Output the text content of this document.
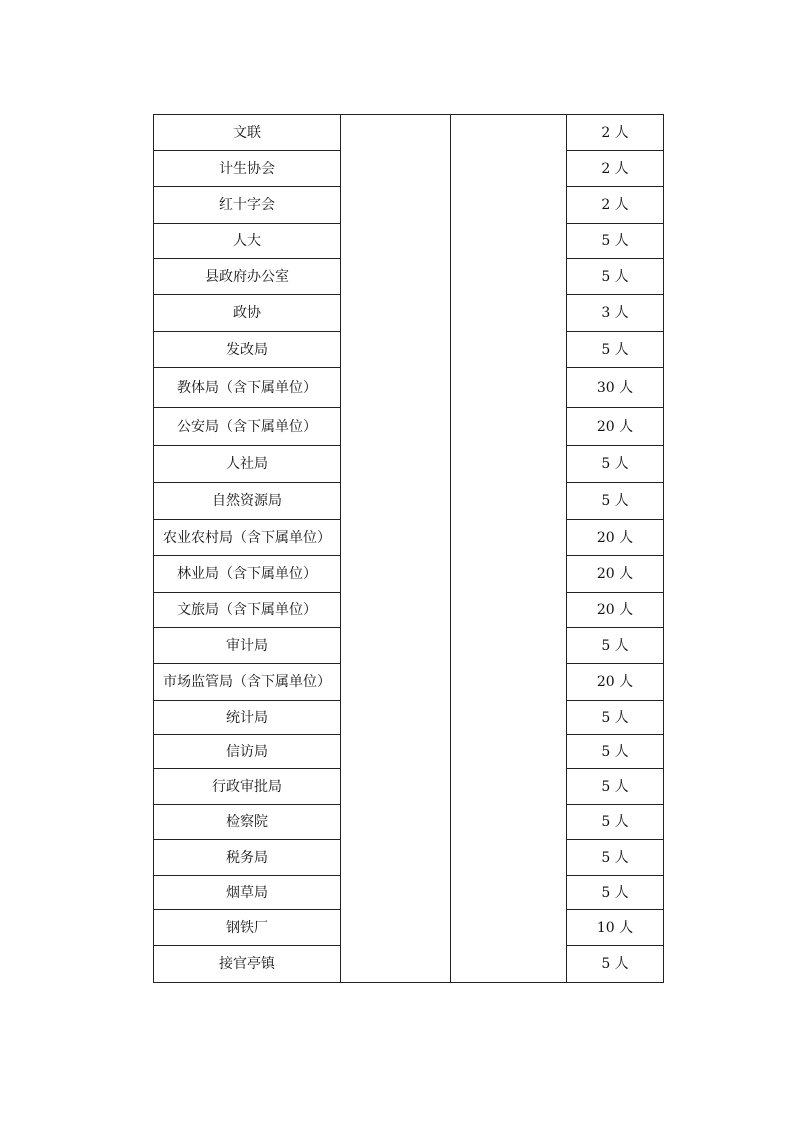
文联			2 人
计生协会			2 人
红十字会			2 人
人大			5 人
县政府办公室			5 人
政协			3 人
发改局			5 人
教体局（含下属单位）			30 人
公安局（含下属单位）			20 人
人社局			5 人
自然资源局			5 人
农业农村局（含下属单位）			20 人
林业局（含下属单位）			20 人
文旅局（含下属单位）			20 人
审计局			5 人
市场监管局（含下属单位）			20 人
统计局			5 人
信访局			5 人
行政审批局			5 人
检察院			5 人
税务局			5 人
烟草局			5 人
钢铁厂			10 人
接官亭镇			5 人
